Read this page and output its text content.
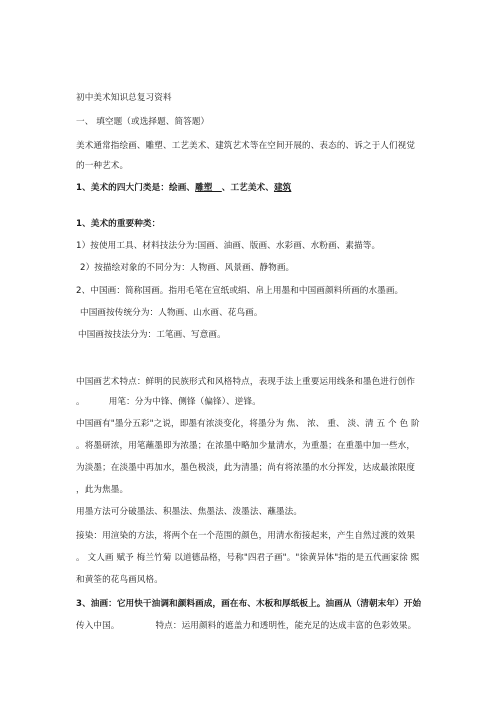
初中美术知识总复习资料
一、 填空题（或选择题、简答题）
美术通常指绘画、雕塑、工艺美术、建筑艺术等在空间开展的、表态的、诉之于人们视觉
的一种艺术。
1、美术的四大门类是：绘画、雕塑 、工艺美术、建筑
1、美术的重要种类：
1）按使用工具、材料技法分为:国画、油画、版画、水彩画、水粉画、素描等。
2）按描绘对象的不同分为：人物画、风景画、静物画。
2、中国画：简称国画。指用毛笔在宣纸或绢、帛上用墨和中国画颜料所画的水墨画。
中国画按传统分为：人物画、山水画、花鸟画。
中国画按技法分为：工笔画、写意画。
中国画艺术特点：鲜明的民族形式和风格特点，表现手法上重要运用线条和墨色进行创作
。	用笔：分为中锋、侧锋（偏锋）、逆锋。
中国画有"墨分五彩"之说，即墨有浓淡变化，将墨分为 焦、 浓、 重、 淡、清 五 个 色 阶
。将墨研浓，用笔蘸墨即为浓墨；在浓墨中略加少量清水，为重墨；在重墨中加一些水，
为淡墨；在淡墨中再加水，墨色极淡，此为清墨；尚有将浓墨的水分挥发，达成最浓限度
，此为焦墨。
用墨方法可分破墨法、积墨法、焦墨法、泼墨法、蘸墨法。
接染：用渲染的方法，将两个在一个范围的颜色，用清水衔接起来，产生自然过渡的效果
。 文人画 赋予 梅兰竹菊 以道德品格，号称"四君子画"。"徐黄异体"指的是五代画家徐 熙
和黄筌的花鸟画风格。
3、油画：它用快干油调和颜料画成，画在布、木板和厚纸板上。油画从（清朝末年）开始
传入中国。	特点：运用颜料的遮盖力和透明性，能充足的达成丰富的色彩效果。
